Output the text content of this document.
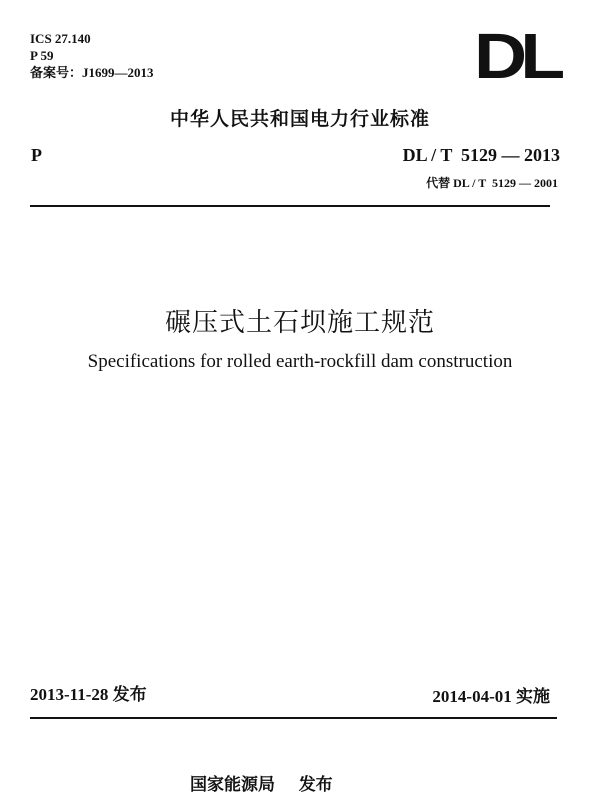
ICS 27.140
P 59
备案号：J1699—2013	DL
中华人民共和国电力行业标准
P	DL / T  5129 — 2013
代替 DL / T  5129 — 2001
碾压式土石坝施工规范
Specifications for rolled earth-rockfill dam construction
2013-11-28 发布	2014-04-01 实施
国家能源局 发布
